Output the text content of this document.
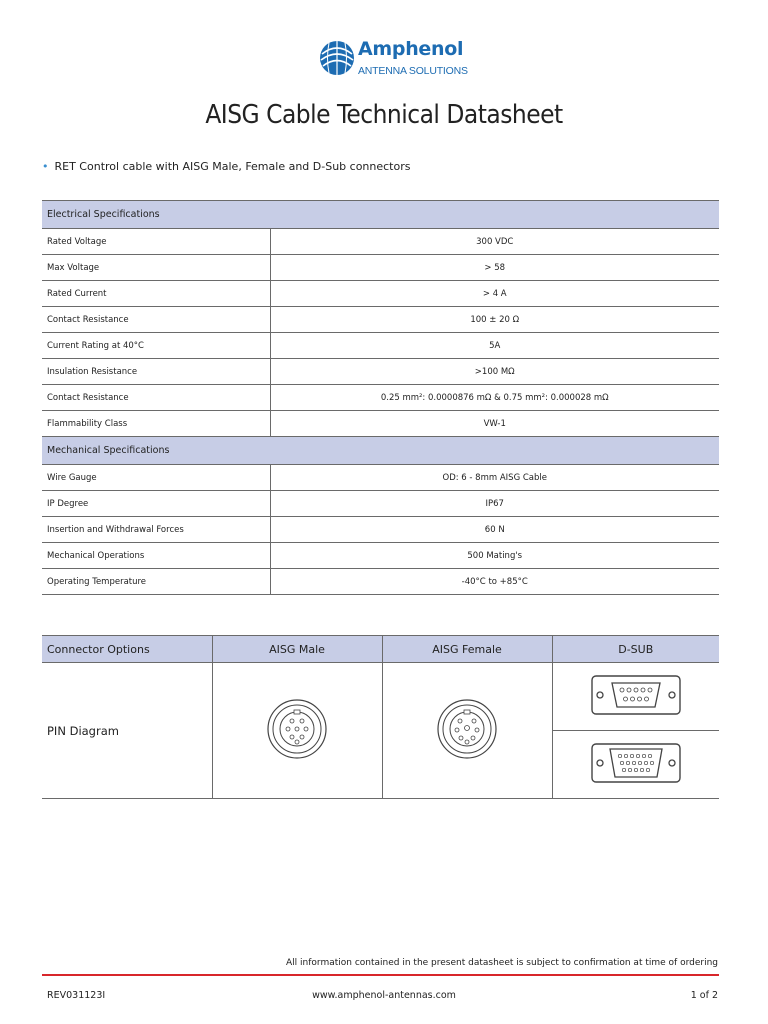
Amphenol
ANTENNA SOLUTIONS
AISG Cable Technical Datasheet
• RET Control cable with AISG Male, Female and D-Sub connectors
Electrical Specifications	
Rated Voltage	300 VDC
Max Voltage	> 58
Rated Current	> 4 A
Contact Resistance	100 ± 20 Ω
Current Rating at 40°C	5A
Insulation Resistance	>100 MΩ
Contact Resistance	0.25 mm²: 0.0000876 mΩ & 0.75 mm²: 0.000028 mΩ
Flammability Class	VW-1
Mechanical Specifications	
Wire Gauge	OD: 6 - 8mm AISG Cable
IP Degree	IP67
Insertion and Withdrawal Forces	60 N
Mechanical Operations	500 Mating's
Operating Temperature	-40°C to +85°C
Connector Options	AISG Male	AISG Female	D-SUB
PIN Diagram			

All information contained in the present datasheet is subject to confirmation at time of ordering
REV031123I	www.amphenol-antennas.com	1 of 2
